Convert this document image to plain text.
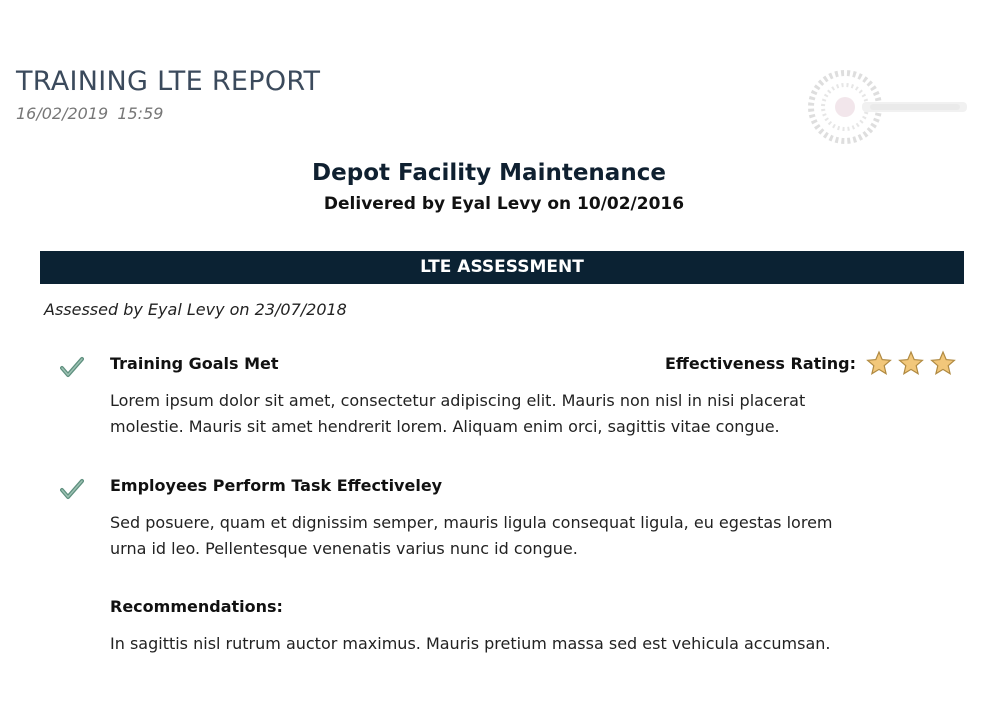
TRAINING LTE REPORT
16/02/2019 15:59
Depot Facility Maintenance
Delivered by Eyal Levy on 10/02/2016
LTE ASSESSMENT
Assessed by Eyal Levy on 23/07/2018
Training Goals Met	Effectiveness Rating:
Lorem ipsum dolor sit amet, consectetur adipiscing elit. Mauris non nisl in nisi placerat molestie. Mauris sit amet hendrerit lorem. Aliquam enim orci, sagittis vitae congue.
Employees Perform Task Effectiveley
Sed posuere, quam et dignissim semper, mauris ligula consequat ligula, eu egestas lorem urna id leo. Pellentesque venenatis varius nunc id congue.
Recommendations:
In sagittis nisl rutrum auctor maximus. Mauris pretium massa sed est vehicula accumsan.
